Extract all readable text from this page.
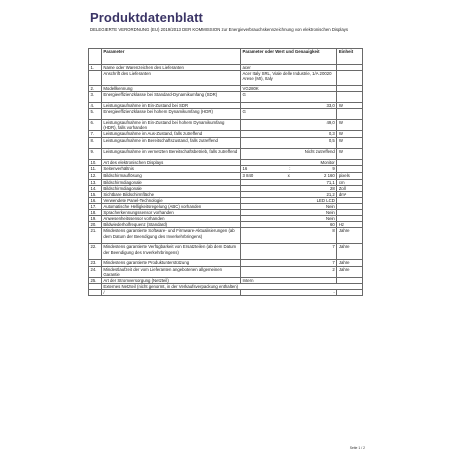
Produktdatenblatt
DELEGIERTE VERORDNUNG (EU) 2019/2013 DER KOMMISSION zur Energieverbrauchskennzeichnung von elektronischen Displays
	Parameter	Parameter oder Wert und Genauigkeit	Einheit
1.	Name oder Warenzeichen des Lieferanten	acer	
	Anschrift des Lieferanten	Acer Italy SRL, Viale delle Industrie, 1/A 20020 Arese (MI), Italy	
2.	Modellkennung	VG280K	
3.	Energieeffizienzklasse bei Standard-Dynamikumfang (SDR)	G	
4.	Leistungsaufnahme im Ein-Zustand bei SDR	33,0	W
5.	Energieeffizienzklasse bei hohem Dynamikumfang (HDR)	G	
6.	Leistungsaufnahme im Ein-Zustand bei hohem Dynamikumfang (HDR), falls vorhanden	49,0	W
7.	Leistungsaufnahme im Aus-Zustand, falls zutreffend	0,3	W
8.	Leistungsaufnahme im Bereitschaftszustand, falls zutreffend	0,5	W
9.	Leistungsaufnahme im vernetzten Bereitschaftsbetrieb, falls zutreffend	Nicht zutreffend	W
10.	Art des elektronischen Displays	Monitor	
11.	Seitenverhältnis	16 : 9	

12.	Bildschirmauflösung	3 840 x 2 160	pixels
13.	Bildschirmdiagonale	71,1	cm
14.	Bildschirmdiagonale	28	Zoll
15.	Sichtbare Bildschirmfläche	21,2	dm²
16.	Verwendete Panel-Technologie	LED LCD	
17.	Automatische Helligkeitsregelung (ABC) vorhanden	Nein	
18.	Spracherkennungssensor vorhanden	Nein	
19.	Anwesenheitssensor vorhanden	Nein	
20.	Bildwiederholfrequenz (Standard)	60	Hz
21.	Mindestens garantierte Software- und Firmware-Aktualisierungen (ab dem Datum der Beendigung des Inverkehrbringens)	8	Jahre
22.	Mindestens garantierte Verfügbarkeit von Ersatzteilen (ab dem Datum der Beendigung des Inverkehrbringens)	7	Jahre
23.	Mindestens garantierte Produktunterstützung	7	Jahre
24.	Mindestlaufzeit der vom Lieferanten angebotenen allgemeinen Garantie	2	Jahre
25.	Art der Stromversorgung (Netzteil)	Intern	
	Externes Netzteil (nicht genormt, in der Verkaufsverpackung enthalten)		
	/	-	
Seite 1 / 2
